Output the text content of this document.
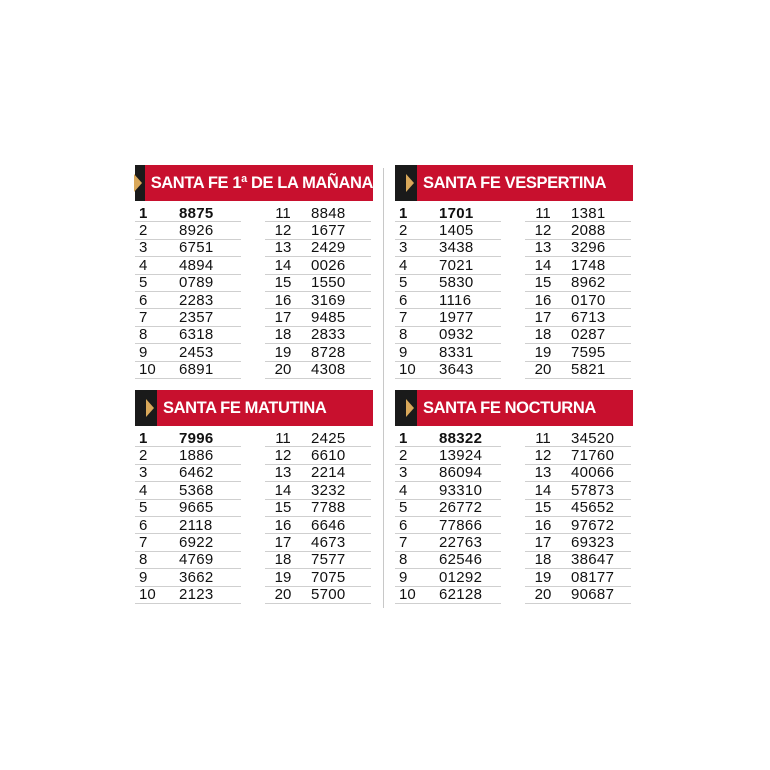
SANTA FE 1ª DE LA MAÑANA
1	8875
2	8926
3	6751
4	4894
5	0789
6	2283
7	2357
8	6318
9	2453
10	6891
11	8848
12	1677
13	2429
14	0026
15	1550
16	3169
17	9485
18	2833
19	8728
20	4308
SANTA FE VESPERTINA
1	1701
2	1405
3	3438
4	7021
5	5830
6	1116
7	1977
8	0932
9	8331
10	3643
11	1381
12	2088
13	3296
14	1748
15	8962
16	0170
17	6713
18	0287
19	7595
20	5821
SANTA FE MATUTINA
1	7996
2	1886
3	6462
4	5368
5	9665
6	2118
7	6922
8	4769
9	3662
10	2123
11	2425
12	6610
13	2214
14	3232
15	7788
16	6646
17	4673
18	7577
19	7075
20	5700
SANTA FE NOCTURNA
1	88322
2	13924
3	86094
4	93310
5	26772
6	77866
7	22763
8	62546
9	01292
10	62128
11	34520
12	71760
13	40066
14	57873
15	45652
16	97672
17	69323
18	38647
19	08177
20	90687
